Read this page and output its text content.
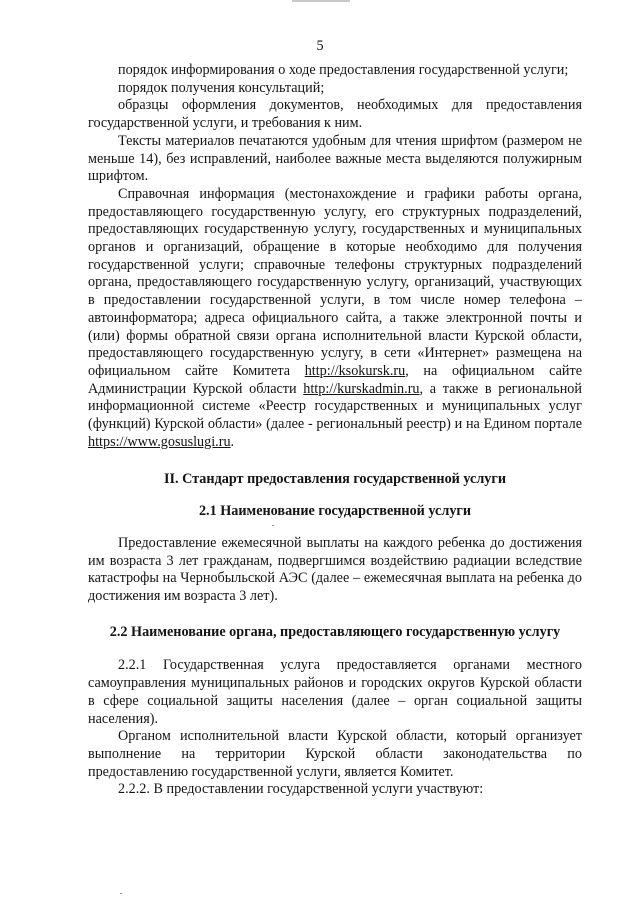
5

порядок информирования о ходе предоставления государственной услуги;

порядок получения консультаций;

образцы оформления документов, необходимых для предоставления государственной услуги, и требования к ним.

Тексты материалов печатаются удобным для чтения шрифтом (размером не меньше 14), без исправлений, наиболее важные места выделяются полужирным шрифтом.

Справочная информация (местонахождение и графики работы органа, предоставляющего государственную услугу, его структурных подразделений, предоставляющих государственную услугу, государственных и муниципальных органов и организаций, обращение в которые необходимо для получения государственной услуги; справочные телефоны структурных подразделений органа, предоставляющего государственную услугу, организаций, участвующих в предоставлении государственной услуги, в том числе номер телефона – автоинформатора; адреса официального сайта, а также электронной почты и (или) формы обратной связи органа исполнительной власти Курской области, предоставляющего государственную услугу, в сети «Интернет» размещена на официальном сайте Комитета http://ksokursk.ru, на официальном сайте Администрации Курской области http://kurskadmin.ru, а также в региональной информационной системе «Реестр государственных и муниципальных услуг (функций) Курской области» (далее - региональный реестр) и на Едином портале https://www.gosuslugi.ru.

II. Стандарт предоставления государственной услуги

2.1 Наименование государственной услуги

Предоставление ежемесячной выплаты на каждого ребенка до достижения им возраста 3 лет гражданам, подвергшимся воздействию радиации вследствие катастрофы на Чернобыльской АЭС (далее – ежемесячная выплата на ребенка до достижения им возраста 3 лет).

2.2 Наименование органа, предоставляющего государственную услугу

2.2.1 Государственная услуга предоставляется органами местного самоуправления муниципальных районов и городских округов Курской области в сфере социальной защиты населения (далее – орган социальной защиты населения).

Органом исполнительной власти Курской области, который организует выполнение на территории Курской области законодательства по предоставлению государственной услуги, является Комитет.

2.2.2. В предоставлении государственной услуги участвуют:
